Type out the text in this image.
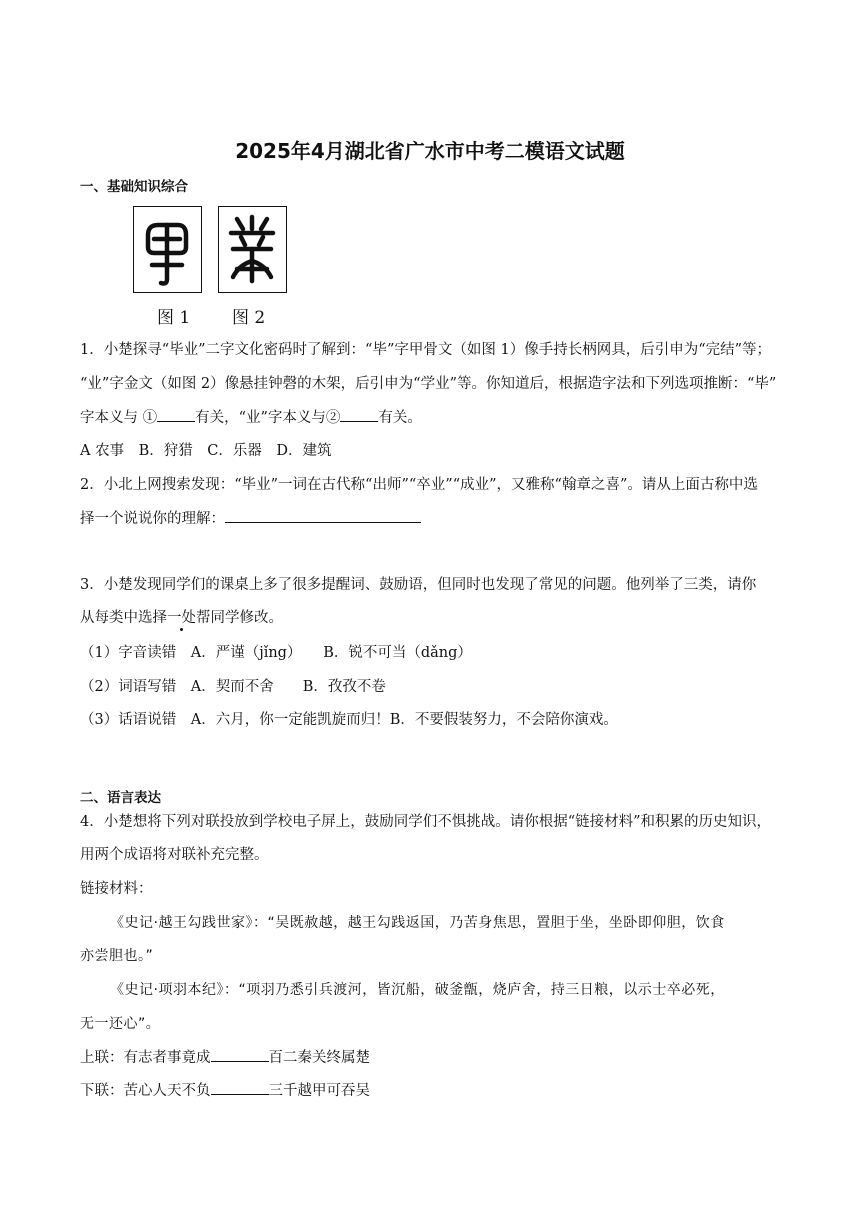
2025年4月湖北省广水市中考二模语文试题
一、基础知识综合
图 1 图 2
1．小楚探寻“毕业”二字文化密码时了解到：“毕”字甲骨文（如图 1）像手持长柄网具，后引申为“完结”等；
“业”字金文（如图 2）像悬挂钟磬的木架，后引申为“学业”等。你知道后，根据造字法和下列选项推断：“毕”
字本义与 ①	有关，“业”字本义与②	有关。
A 农事　B．狩猎　C．乐器　D．建筑
2．小北上网搜索发现：“毕业”一词在古代称“出师”“卒业”“成业”，又雅称“翰章之喜”。请从上面古称中选
择一个说说你的理解：
3．小楚发现同学们的课桌上多了很多提醒词、鼓励语，但同时也发现了常见的问题。他列举了三类，请你
从每类中选择一处帮同学修改。
（1）字音读错　A．严谨（jǐng）　　B．锐不可当（dǎng）
（2）词语写错　A．契而不舍　　B．孜孜不卷
（3）话语说错　A．六月，你一定能凯旋而归！B．不要假装努力，不会陪你演戏。
二、语言表达
4．小楚想将下列对联投放到学校电子屏上，鼓励同学们不惧挑战。请你根据“链接材料”和积累的历史知识，
用两个成语将对联补充完整。
链接材料：
《史记·越王勾践世家》：“吴既赦越，越王勾践返国，乃苦身焦思，置胆于坐，坐卧即仰胆，饮食
亦尝胆也。”
《史记·项羽本纪》：“项羽乃悉引兵渡河，皆沉船，破釜甑，烧庐舍，持三日粮，以示士卒必死，
无一还心”。
上联：有志者事竟成	百二秦关终属楚
下联：苦心人天不负	三千越甲可吞吴
